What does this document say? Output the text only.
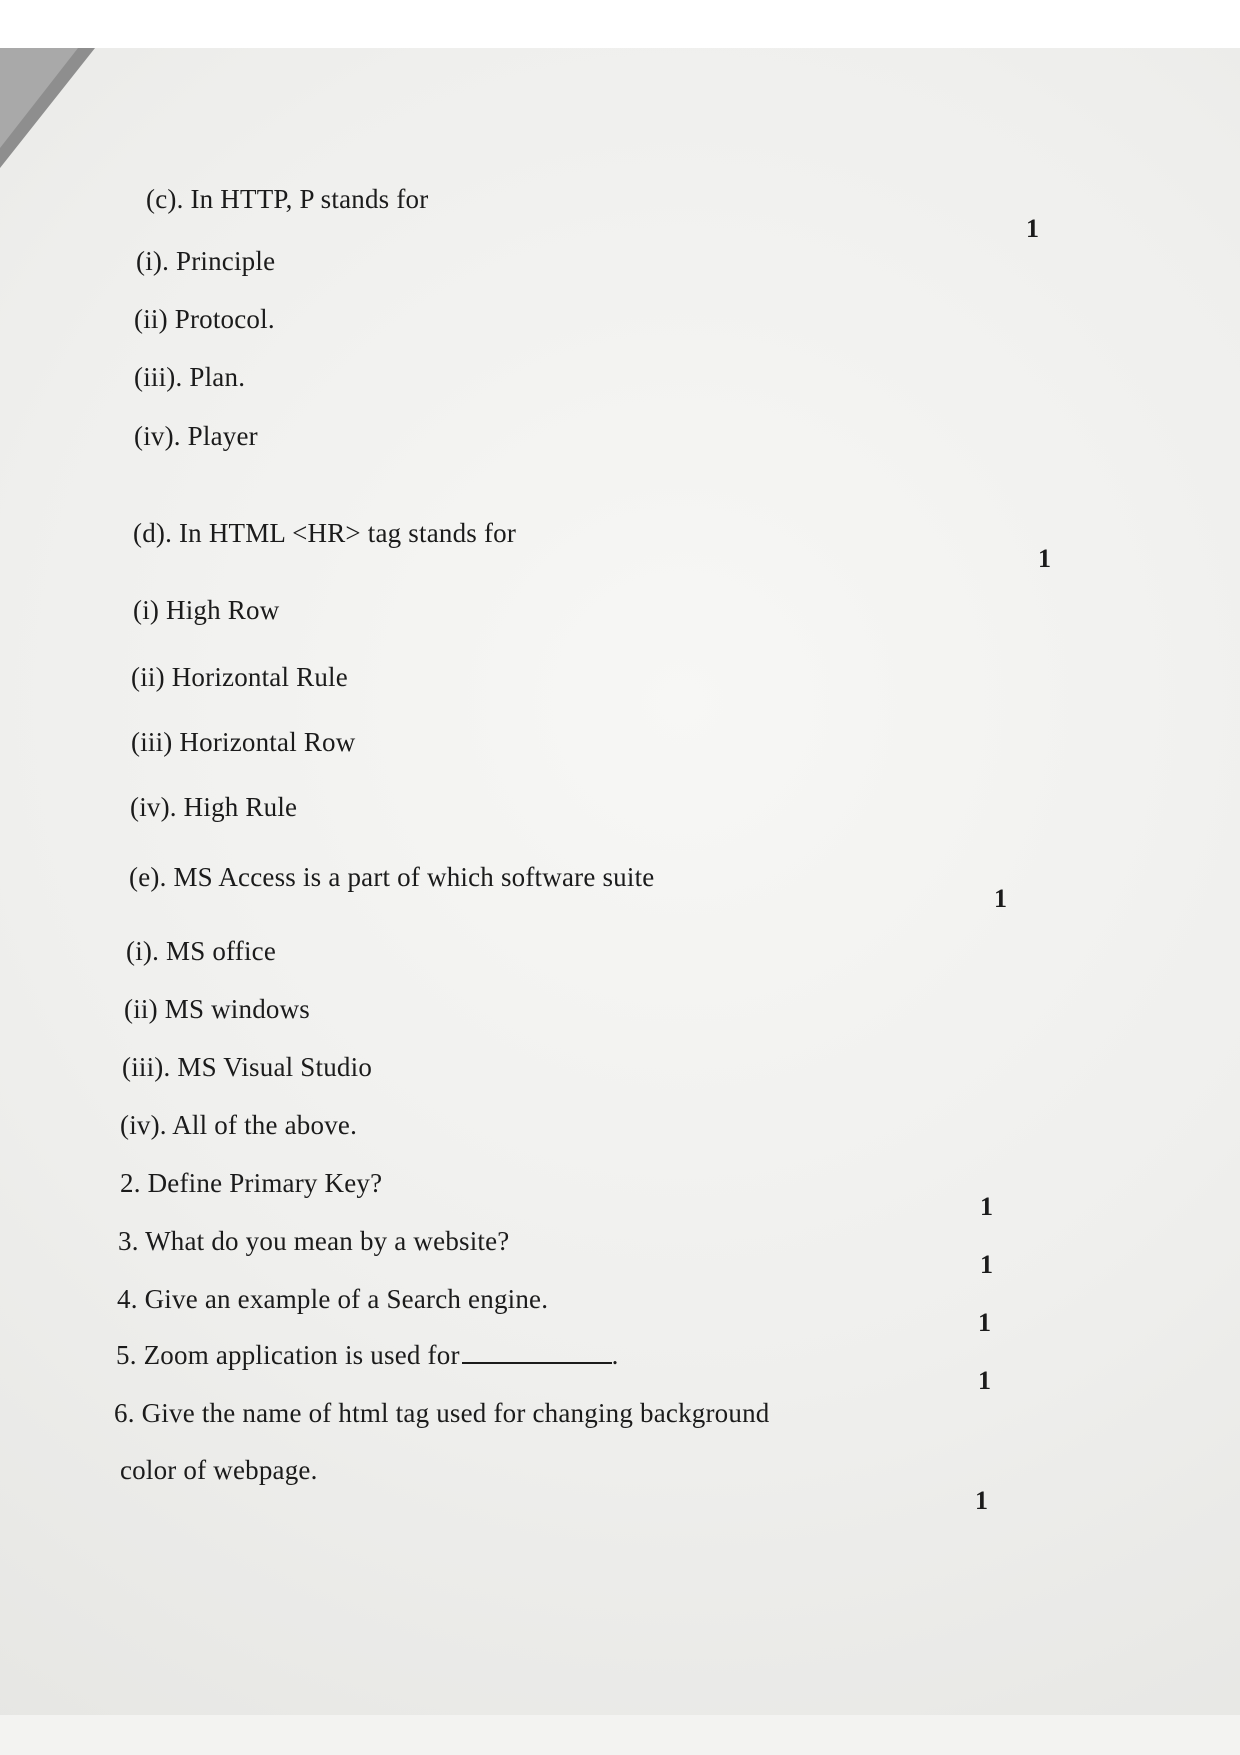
(c). In HTTP, P stands for
1
(i). Principle
(ii) Protocol.
(iii). Plan.
(iv). Player
(d). In HTML <HR> tag stands for
1
(i) High Row
(ii) Horizontal Rule
(iii) Horizontal Row
(iv). High Rule
(e). MS Access is a part of which software suite
1
(i). MS office
(ii) MS windows
(iii). MS Visual Studio
(iv). All of the above.
2. Define Primary Key?
1
3. What do you mean by a website?
1
4. Give an example of a Search engine.
1
5. Zoom application is used for	.
1
6. Give the name of html tag used for changing background
color of webpage.
1
